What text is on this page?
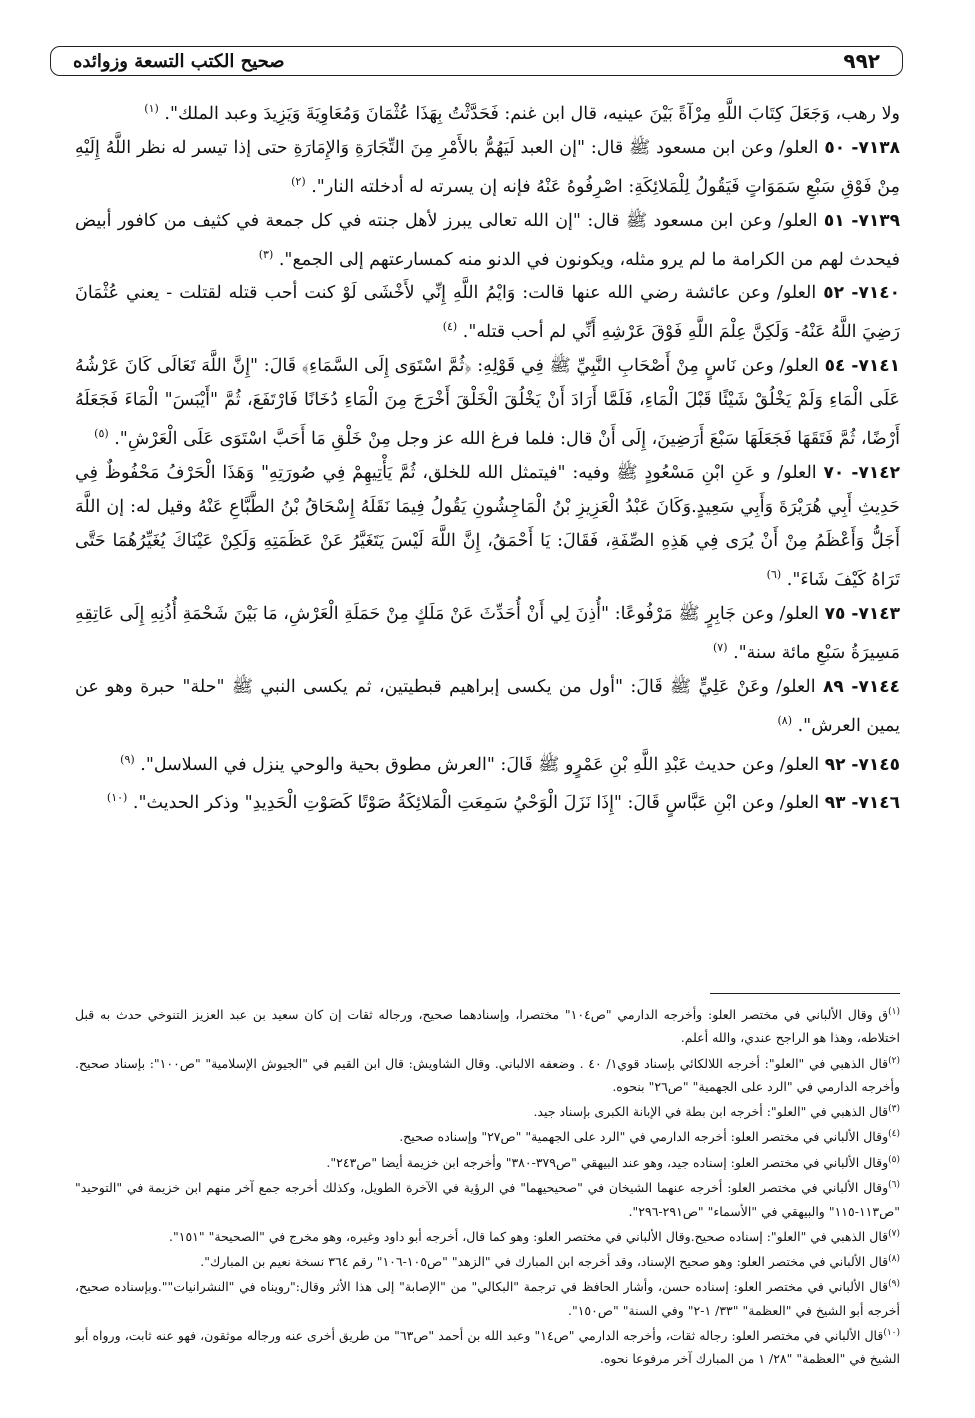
٩٩٢
صحيح الكتب التسعة وزوائده

ولا رهب، وَجَعَلَ كِتَابَ اللَّهِ مِرْآةً بَيْنَ عينيه، قال ابن غنم: فَحَدَّثْتُ بِهَذَا عُثْمَانَ وَمُعَاوِيَةَ وَيَزِيدَ وعبد الملك". $^{(١)}$

٧١٣٨- ٥٠ العلو/ وعن ابن مسعود ﷺ قال: "إن العبد لَيَهُمُّ بالأَمْرِ مِنَ التِّجَارَةِ وَالإِمَارَةِ حتى إذا تيسر له نظر اللَّهُ إِلَيْهِ مِنْ فَوْقِ سَبْعِ سَمَوَاتٍ فَيَقُولُ لِلْمَلائِكَةِ: اصْرِفُوهُ عَنْهُ فإنه إن يسرته له أدخلته النار". $^{(٢)}$

٧١٣٩- ٥١ العلو/ وعن ابن مسعود ﷺ قال: "إن الله تعالى يبرز لأهل جنته في كل جمعة في كثيف من كافور أبيض فيحدث لهم من الكرامة ما لم يرو مثله، ويكونون في الدنو منه كمسارعتهم إلى الجمع". $^{(٣)}$

٧١٤٠- ٥٢ العلو/ وعن عائشة رضي الله عنها قالت: وَايْمُ اللَّهِ إِنِّي لأَخْشَى لَوْ كنت أحب قتله لقتلت - يعني عُثْمَانَ رَضِيَ اللَّهُ عَنْهُ- وَلَكِنَّ عِلْمَ اللَّهِ فَوْقَ عَرْشِهِ أَنِّي لم أحب قتله". $^{(٤)}$

٧١٤١- ٥٤ العلو/ وعن نَاسٍ مِنْ أَصْحَابِ النَّبِيِّ ﷺ فِي قَوْلِهِ: ﴿ثُمَّ اسْتَوَى إِلَى السَّمَاءِ﴾ قَالَ: "إِنَّ اللَّهَ تَعَالَى كَانَ عَرْشُهُ عَلَى الْمَاءِ وَلَمْ يَخْلُقْ شَيْئًا قَبْلَ الْمَاءِ، فَلَمَّا أَرَادَ أَنْ يَخْلُقَ الْخَلْقَ أَخْرَجَ مِنَ الْمَاءِ دُخَانًا فَارْتَفَعَ، ثُمَّ "أَيْبَسَ" الْمَاءَ فَجَعَلَهُ أَرْضًا، ثُمَّ فَتَقَهَا فَجَعَلَهَا سَبْعَ أَرَضِينَ، إِلَى أَنْ قال: فلما فرغ الله عز وجل مِنْ خَلْقِ مَا أَحَبَّ اسْتَوَى عَلَى الْعَرْشِ". $^{(٥)}$

٧١٤٢- ٧٠ العلو/ و عَنِ ابْنِ مَسْعُودٍ ﷺ وفيه: "فيتمثل الله للخلق، ثُمَّ يَأْتِيهِمْ فِي صُورَتِهِ" وَهَذَا الْحَرْفُ مَحْفُوظٌ فِي حَدِيثِ أَبِي هُرَيْرَةَ وَأَبِي سَعِيدٍ.وَكَانَ عَبْدُ الْعَزِيزِ بْنُ الْمَاجِشُونِ يَقُولُ فِيمَا نَقَلَهُ إِسْحَاقُ بْنُ الطَّبَّاعِ عَنْهُ وقيل له: إن اللَّهَ أَجَلُّ وَأَعْظَمُ مِنْ أَنْ يُرَى فِي هَذِهِ الصِّفَةِ، فَقَالَ: يَا أَحْمَقُ، إِنَّ اللَّهَ لَيْسَ يَتَغَيَّرُ عَنْ عَظَمَتِهِ وَلَكِنْ عَيْنَاكَ يُغَيِّرُهُمَا حَتَّى تَرَاهُ كَيْفَ شَاءَ". $^{(٦)}$

٧١٤٣- ٧٥ العلو/ وعن جَابِرٍ ﷺ مَرْفُوعًا: "أُذِنَ لِي أَنْ أُحَدِّثَ عَنْ مَلَكٍ مِنْ حَمَلَةِ الْعَرْشِ، مَا بَيْنَ شَحْمَةِ أُذُنِهِ إِلَى عَاتِقِهِ مَسِيرَةُ سَبْعِ مائة سنة". $^{(٧)}$

٧١٤٤- ٨٩ العلو/ وعَنْ عَلِيٍّ ﷺ قَالَ: "أول من يكسى إبراهيم قبطيتين، ثم يكسى النبي ﷺ "حلة" حبرة وهو عن يمين العرش". $^{(٨)}$

٧١٤٥- ٩٢ العلو/ وعن حديث عَبْدِ اللَّهِ بْنِ عَمْرٍو ﷺ قَالَ: "العرش مطوق بحية والوحي ينزل في السلاسل". $^{(٩)}$

٧١٤٦- ٩٣ العلو/ وعن ابْنِ عَبَّاسٍ قَالَ: "إِذَا نَزَلَ الْوَحْيُ سَمِعَتِ الْمَلائِكَةُ صَوْتًا كَصَوْتِ الْحَدِيدِ" وذكر الحديث". $^{(١٠)}$

$^{(١)}$ق وقال الألباني في مختصر العلو: وأخرجه الدارمي "ص١٠٤" مختصرا، وإسنادهما صحيح، ورجاله ثقات إن كان سعيد بن عبد العزيز التنوخي حدث به قبل اختلاطه، وهذا هو الراجح عندي، والله أعلم.

$^{(٢)}$قال الذهبي في "العلو": أخرجه اللالكائي بإسناد قوي١/ ٤٠ . وضعفه الالباني. وقال الشاويش: قال ابن القيم في "الجيوش الإسلامية" "ص١٠٠": بإسناد صحيح. وأخرجه الدارمي في "الرد على الجهمية" "ص٢٦" بنحوه.

$^{(٣)}$قال الذهبي في "العلو": أخرجه ابن بطة في الإبانة الكبرى بإسناد جيد.

$^{(٤)}$وقال الألباني في مختصر العلو: أخرجه الدارمي في "الرد على الجهمية" "ص٢٧" وإسناده صحيح.

$^{(٥)}$وقال الألباني في مختصر العلو: إسناده جيد، وهو عند البيهقي "ص٣٧٩-٣٨٠" وأخرجه ابن خزيمة أيضا "ص٢٤٣".

$^{(٦)}$وقال الألباني في مختصر العلو: أخرجه عنهما الشيخان في "صحيحيهما" في الرؤية في الآخرة الطويل، وكذلك أخرجه جمع آخر منهم ابن خزيمة في "التوحيد" "ص١١٣-١١٥" والبيهقي في "الأسماء" "ص٢٩١-٢٩٦".

$^{(٧)}$قال الذهبي في "العلو": إسناده صحيح.وقال الألباني في مختصر العلو: وهو كما قال، أخرجه أبو داود وغيره، وهو مخرج في "الصحيحة" "١٥١".

$^{(٨)}$قال الألباني في مختصر العلو: وهو صحيح الإسناد، وقد أخرجه ابن المبارك في "الزهد" "ص١٠٥-١٠٦" رقم ٣٦٤ نسخة نعيم بن المبارك".

$^{(٩)}$قال الألباني في مختصر العلو: إسناده حسن، وأشار الحافظ في ترجمة "البكالي" من "الإصابة" إلى هذا الأثر وقال:"رويناه في "النشرانيات"".وبإسناده صحيح، أخرجه أبو الشيخ في "العظمة" "٣٣/ ١-٢" وفي السنة" "ص١٥٠".

$^{(١٠)}$قال الألباني في مختصر العلو: رجاله ثقات، وأخرجه الدارمي "ص١٤" وعبد الله بن أحمد "ص٦٣" من طريق أخرى عنه ورجاله موثقون، فهو عنه ثابت، ورواه أبو الشيخ في "العظمة" "٢٨/ ١ من المبارك آخر مرفوعا نحوه.
